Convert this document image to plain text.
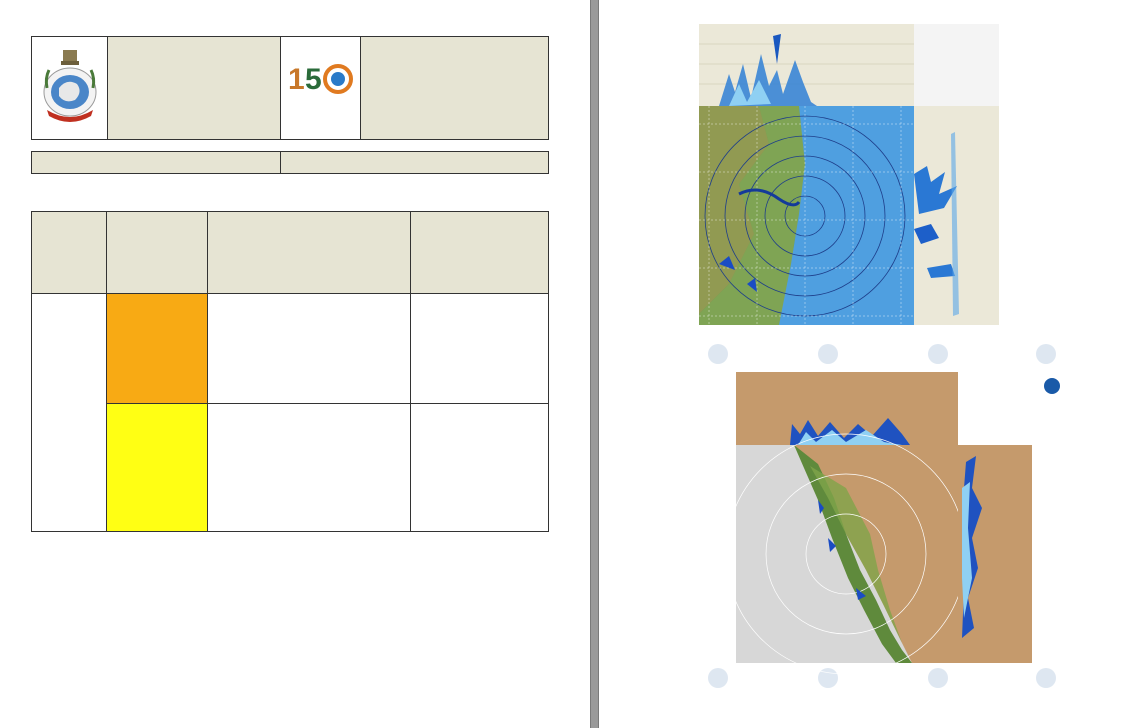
1 5
